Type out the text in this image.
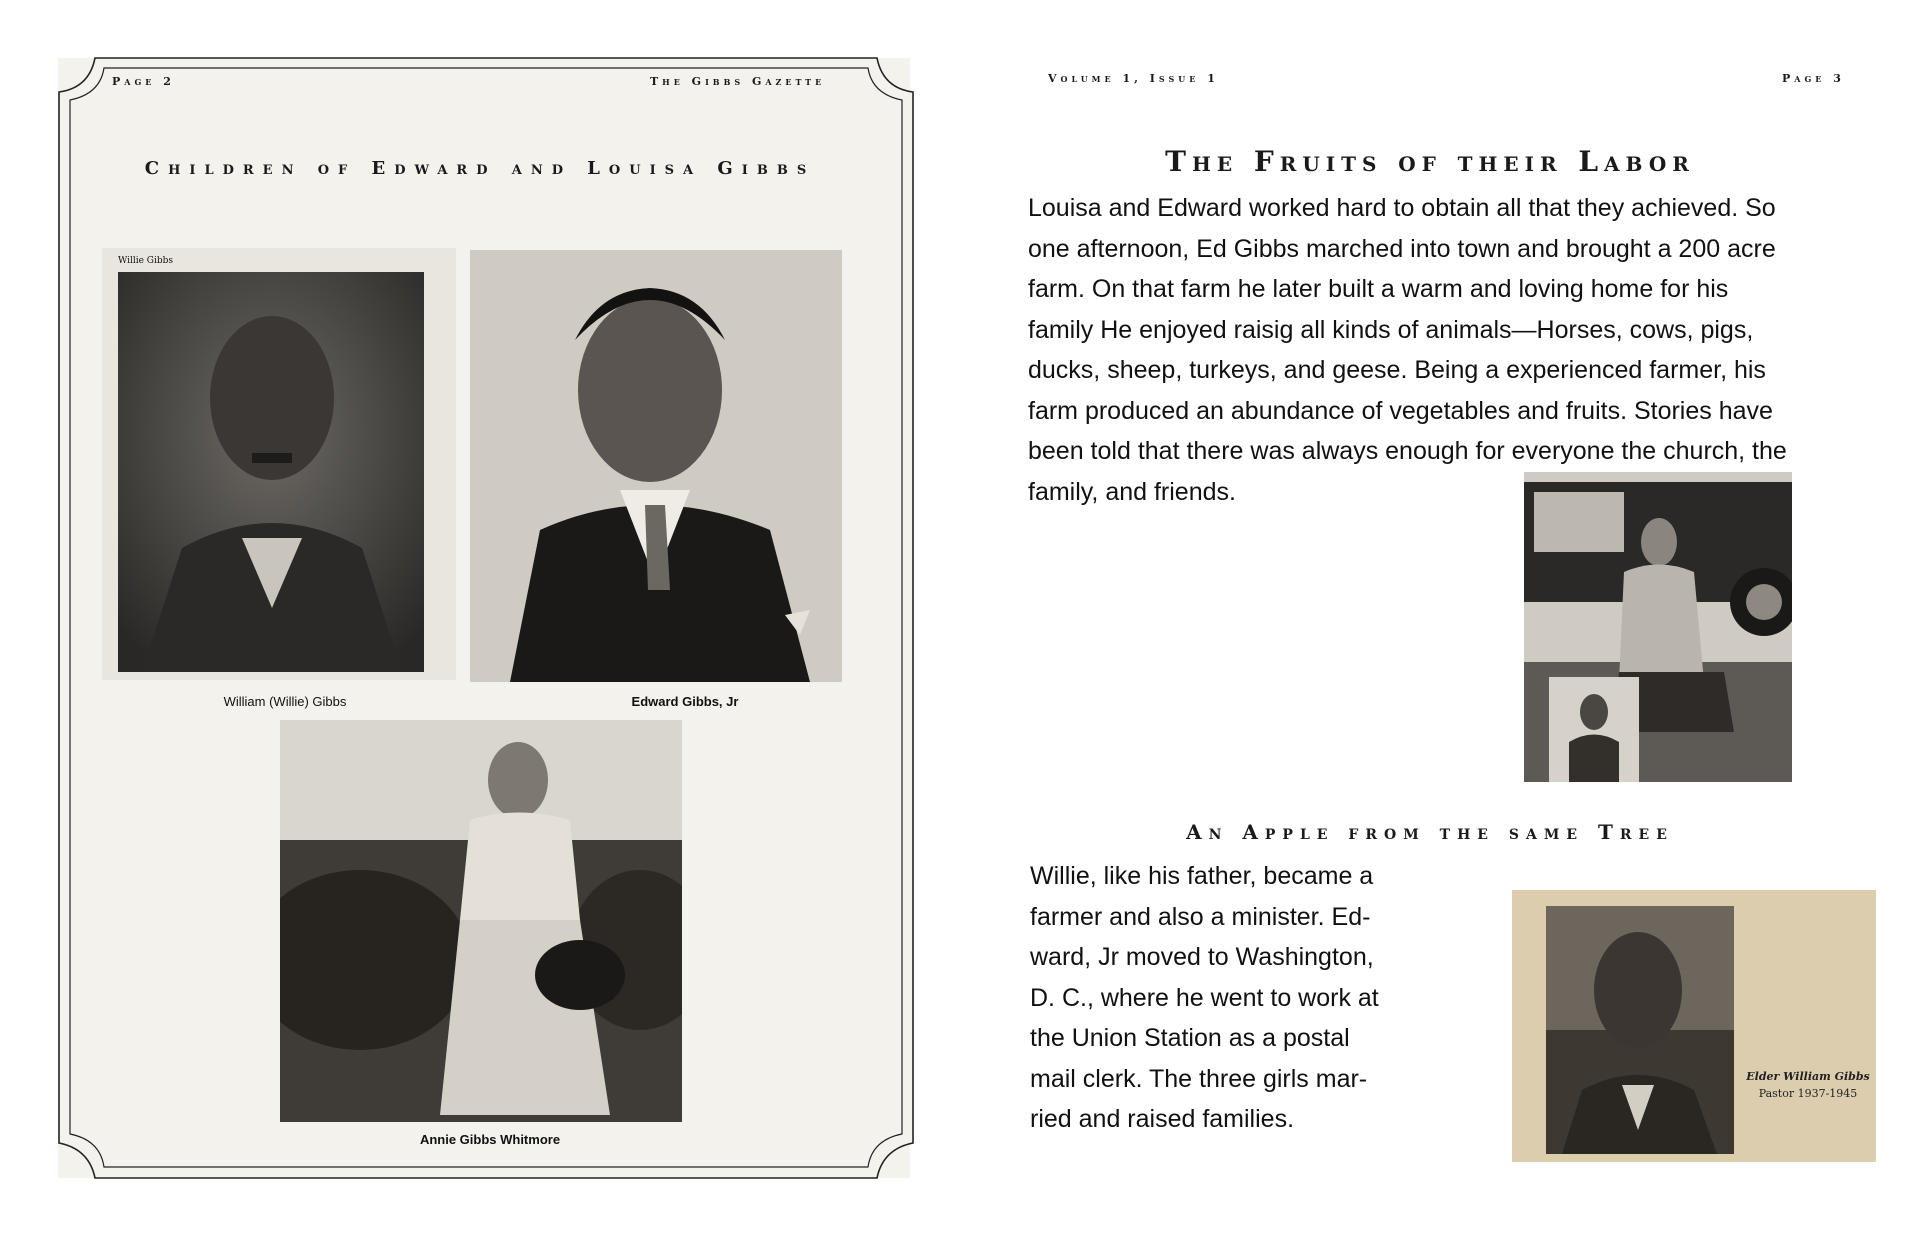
Page 2	The Gibbs Gazette
Children of Edward and Louisa Gibbs
Willie Gibbs
William (Willie) Gibbs	Edward Gibbs, Jr
Annie Gibbs Whitmore
Volume 1, Issue 1	Page 3
The Fruits of their Labor
Louisa and Edward worked hard to obtain all that they achieved. So
one afternoon, Ed Gibbs marched into town and brought a 200 acre
farm. On that farm he later built a warm and loving home for his
family He enjoyed raisig all kinds of animals—Horses, cows, pigs,
ducks, sheep, turkeys, and geese. Being a experienced farmer, his
farm produced an abundance of vegetables and fruits. Stories have
been told that there was always enough for everyone the church, the
family, and friends.
An Apple from the same Tree
Willie, like his father, became a
farmer and also a minister. Ed-
ward, Jr moved to Washington,
D. C., where he went to work at
the Union Station as a postal
mail clerk. The three girls mar-
ried and raised families.
Elder William Gibbs
Pastor 1937-1945
